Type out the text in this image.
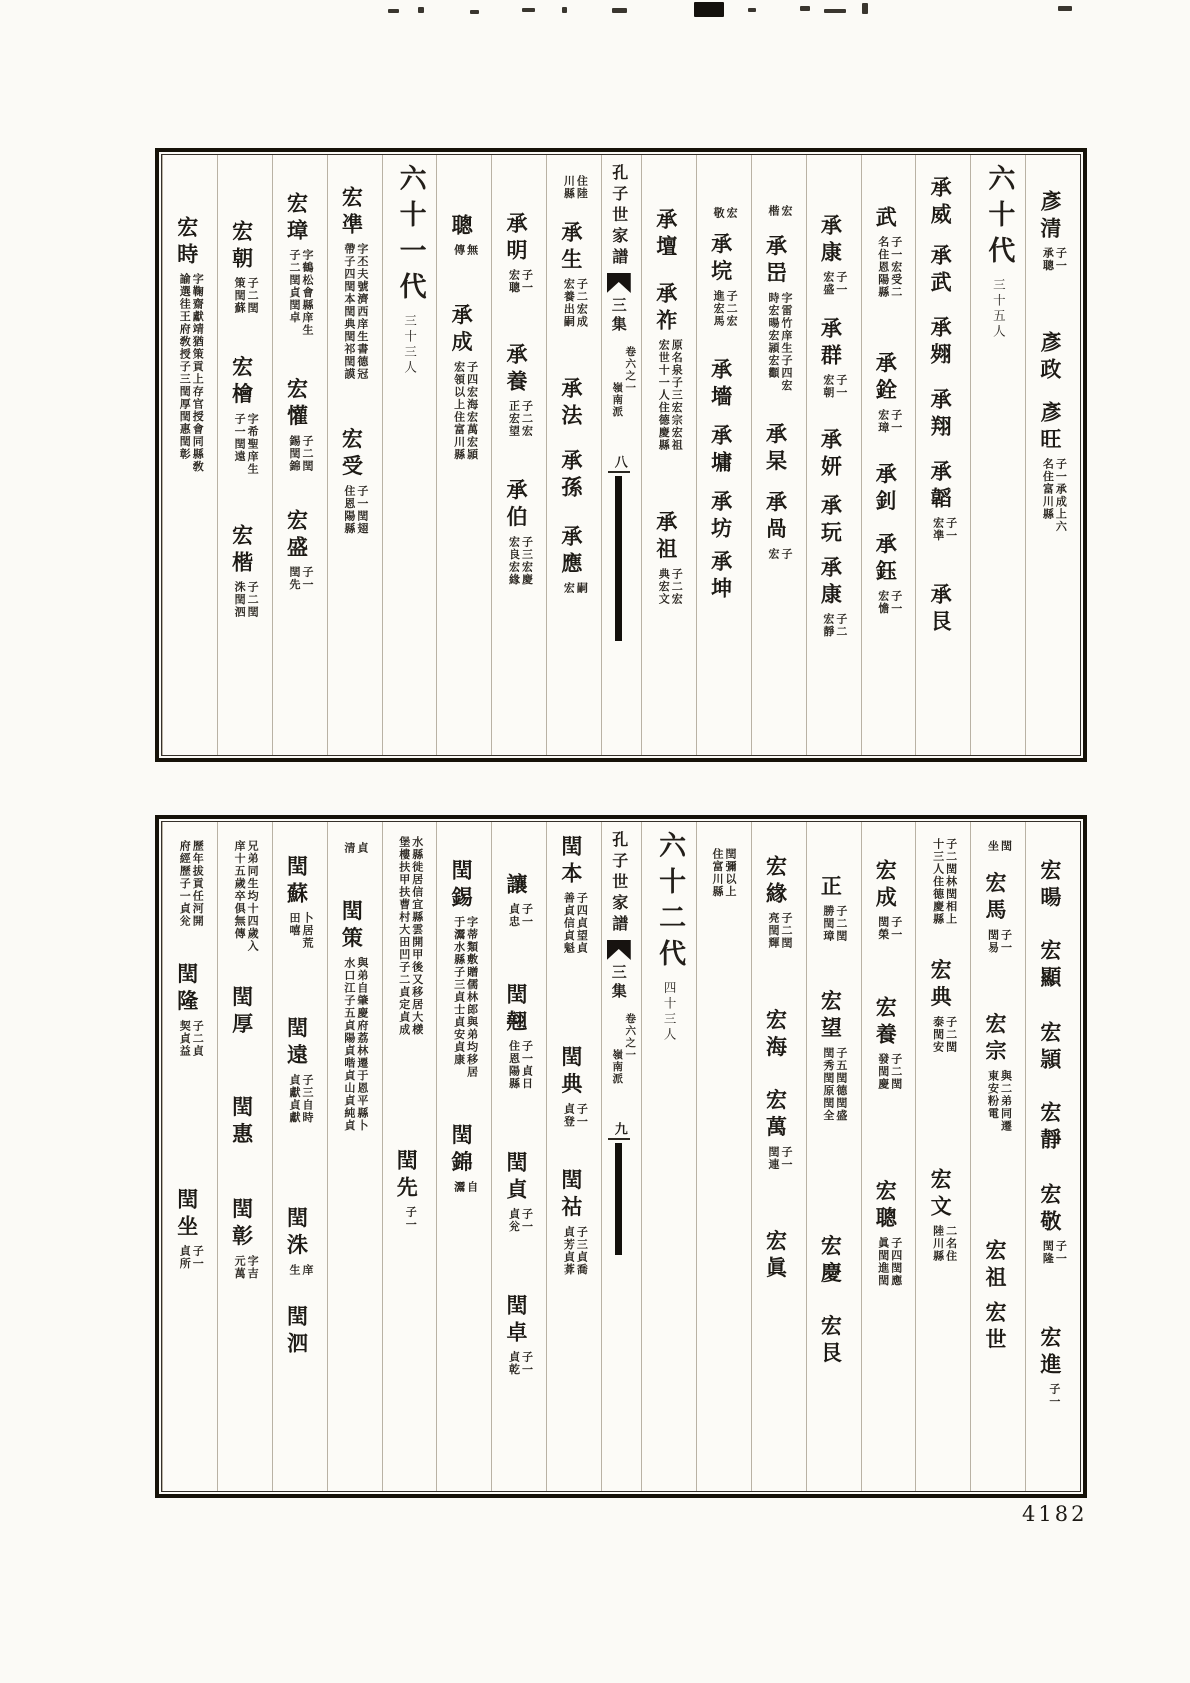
彥清
子一
承聰
彥政彥旺
子一承成上六
名住富川縣
六十代三十五人
承威承武承翙承翔承韜
子一
宏凖
承艮
武
子一宏受二
名住恩陽縣
承銓
子一
宏璋
承釗承鈺
子一
宏憺
承康
子一
宏盛
承群
子一
宏朝
承妍承玩承康
子二
宏靜
宏
楷
承岊
字雷竹庠生子四宏
時宏暘宏頴宏顴
承杲承咼
子
宏
宏
敬
承垸
子二宏
進宏馬
承墻承墉承坊承坤
承壇承祚
原名泉子三宏宗宏祖
宏世十一人住德慶縣
承祖
子二宏
典宏文
孔子世家譜三集
卷六之一
嶺南派
八
住陸
川縣
承生
子二宏成
宏養出嗣
承法承孫承應
嗣
宏
承明
子一
宏聰
承養
子二宏
正宏望
承伯
子三宏慶
宏良宏緣
聰
無
傳
承成
子四宏海宏萬宏頴
宏領以上住富川縣
六十一代三十三人
宏凖
字丕夫號濟西庠生書德冠
帶子四閏本閏典閏祁閏謨
宏受
子一閏翅
住恩陽縣
宏璋
字鶴松會縣庠生
子二閏貞閏卓
宏懽
子二閏
錫閏錦
宏盛
子一
閏先
宏朝
子二閏
策閏蘇
宏檜
字希聖庠生
子一閏遠
宏楷
子二閏
洙閏泗
宏時
字鞠齋獻靖猶策貢上存官授會同縣敎
諭選徍王府敎授子三閏厚閏惠閏彰
宏暘宏顯宏頴宏靜宏敬
子一
閏隆
宏進
子一
閏
坐
宏馬
子一
閏易
宏宗
與二弟同遷
東安粉電
宏祖宏世
子二閏林閏相上
十三人住德慶縣
宏典
子二閏
泰閏安
宏文
二名住
陸川縣
宏成
子一
閏榮
宏養
子二閏
發閏慶
宏聰
子四閏應
眞閏進閏
正
子二閏
勝閏璋
宏望
子五閏德閏盛
閏秀閏原閏全
宏慶宏艮
宏緣
子二閏
亮閏輝
宏海宏萬
子一
閏連
宏眞
閏彌以上
住富川縣
六十二代四十三人
孔子世家譜三集
卷六之一
嶺南派
九
閏本
子四貞望貞
善貞信貞魁
閏典
子一
貞登
閏祜
子三貞喬
貞芳貞葊
讓
子一
貞忠
閏翹
子一貞日
住恩陽縣
閏貞
子一
貞兊
閏卓
子一
貞乾
閏錫
字蒂類敷贈儒林郎與弟均移居
于灊水縣子三貞士貞安貞康
閏錦
自
灊
水縣徙居信宜縣雲開甲後又移居大檨
堡樓扶甲扶曹村大田凹子二貞定貞成
閏先
子一
貞
清
閏策
與弟自肇慶府荔林遷于恩平縣卜
水口江子五貞陽貞喈貞山貞純貞
閏蘇
卜居荒
田嘻
閏遠
子三自時
貞獻貞獻
閏洙
庠
生
閏泗
兄弟同生均十四歲入
庠十五歲卒俱無傳
閏厚閏惠閏彰
字吉
元萬
歷年拔貢任河開
府經歷子一貞兊
閏隆
子二貞
契貞益
閏坐
子一
貞所
4182
